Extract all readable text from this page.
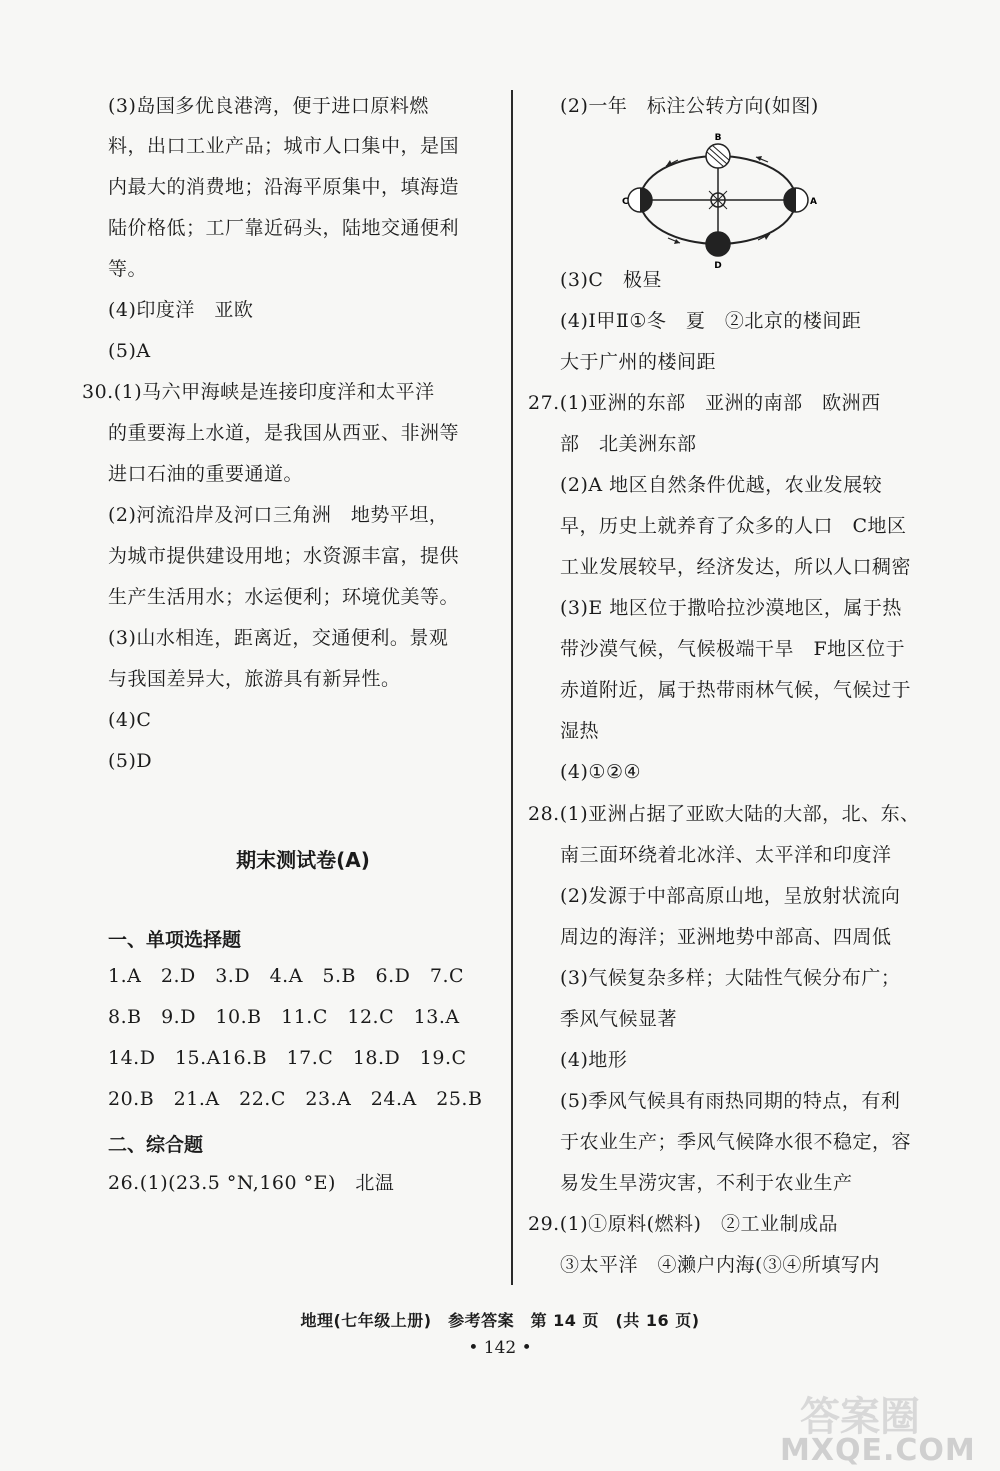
(3)岛国多优良港湾，便于进口原料燃
料，出口工业产品；城市人口集中，是国
内最大的消费地；沿海平原集中，填海造
陆价格低；工厂靠近码头，陆地交通便利
等。
(4)印度洋　亚欧
(5)A
30.(1)马六甲海峡是连接印度洋和太平洋
的重要海上水道，是我国从西亚、非洲等
进口石油的重要通道。
(2)河流沿岸及河口三角洲　地势平坦，
为城市提供建设用地；水资源丰富，提供
生产生活用水；水运便利；环境优美等。
(3)山水相连，距离近，交通便利。景观
与我国差异大，旅游具有新异性。
(4)C
(5)D
期末测试卷(A)
一、单项选择题
1.A　2.D　3.D　4.A　5.B　6.D　7.C
8.B　9.D　10.B　11.C　12.C　13.A
14.D　15.A16.B　17.C　18.D　19.C
20.B　21.A　22.C　23.A　24.A　25.B
二、综合题
26.(1)(23.5 °N,160 °E)　北温
(2)一年　标注公转方向(如图)
B
C	A
D
(3)C　极昼
(4)Ⅰ甲Ⅱ①冬　夏　②北京的楼间距
大于广州的楼间距
27.(1)亚洲的东部　亚洲的南部　欧洲西
部　北美洲东部
(2)A 地区自然条件优越，农业发展较
早，历史上就养育了众多的人口　C地区
工业发展较早，经济发达，所以人口稠密
(3)E 地区位于撒哈拉沙漠地区，属于热
带沙漠气候，气候极端干旱　F地区位于
赤道附近，属于热带雨林气候，气候过于
湿热
(4)①②④
28.(1)亚洲占据了亚欧大陆的大部，北、东、
南三面环绕着北冰洋、太平洋和印度洋
(2)发源于中部高原山地，呈放射状流向
周边的海洋；亚洲地势中部高、四周低
(3)气候复杂多样；大陆性气候分布广；
季风气候显著
(4)地形
(5)季风气候具有雨热同期的特点，有利
于农业生产；季风气候降水很不稳定，容
易发生旱涝灾害，不利于农业生产
29.(1)①原料(燃料)　②工业制成品
③太平洋　④濑户内海(③④所填写内
地理(七年级上册)　参考答案　第 14 页　(共 16 页)
• 142 •
答案圈
MXQE.COM
